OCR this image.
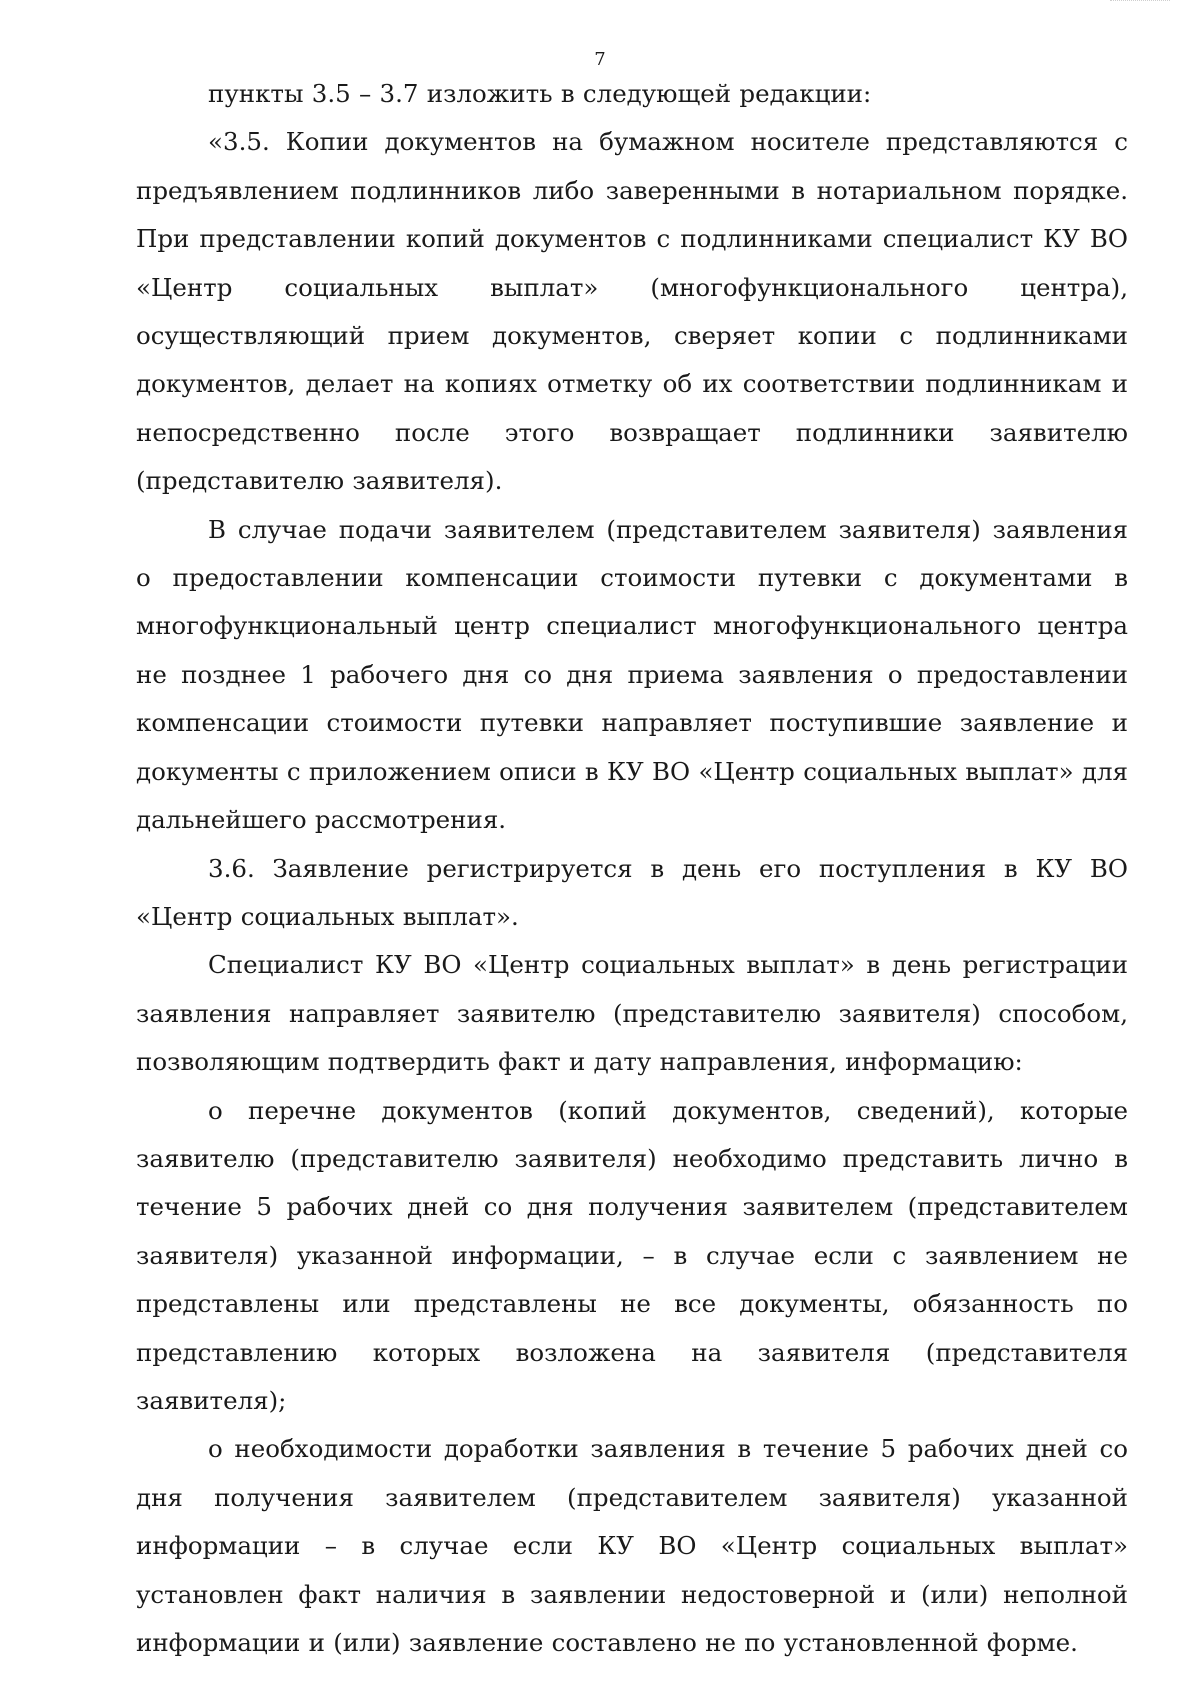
7

пункты 3.5 – 3.7 изложить в следующей редакции:

«3.5. Копии документов на бумажном носителе представляются с предъявлением подлинников либо заверенными в нотариальном порядке. При представлении копий документов с подлинниками специалист КУ ВО «Центр социальных выплат» (многофункционального центра), осуществляющий прием документов, сверяет копии с подлинниками документов, делает на копиях отметку об их соответствии подлинникам и непосредственно после этого возвращает подлинники заявителю (представителю заявителя).

В случае подачи заявителем (представителем заявителя) заявления о предоставлении компенсации стоимости путевки с документами в многофункциональный центр специалист многофункционального центра не позднее 1 рабочего дня со дня приема заявления о предоставлении компенсации стоимости путевки направляет поступившие заявление и документы с приложением описи в КУ ВО «Центр социальных выплат» для дальнейшего рассмотрения.

3.6. Заявление регистрируется в день его поступления в КУ ВО «Центр социальных выплат».

Специалист КУ ВО «Центр социальных выплат» в день регистрации заявления направляет заявителю (представителю заявителя) способом, позволяющим подтвердить факт и дату направления, информацию:

о перечне документов (копий документов, сведений), которые заявителю (представителю заявителя) необходимо представить лично в течение 5 рабочих дней со дня получения заявителем (представителем заявителя) указанной информации, – в случае если с заявлением не представлены или представлены не все документы, обязанность по представлению которых возложена на заявителя (представителя заявителя);

о необходимости доработки заявления в течение 5 рабочих дней со дня получения заявителем (представителем заявителя) указанной информации – в случае если КУ ВО «Центр социальных выплат» установлен факт наличия в заявлении недостоверной и (или) неполной информации и (или) заявление составлено не по установленной форме.
